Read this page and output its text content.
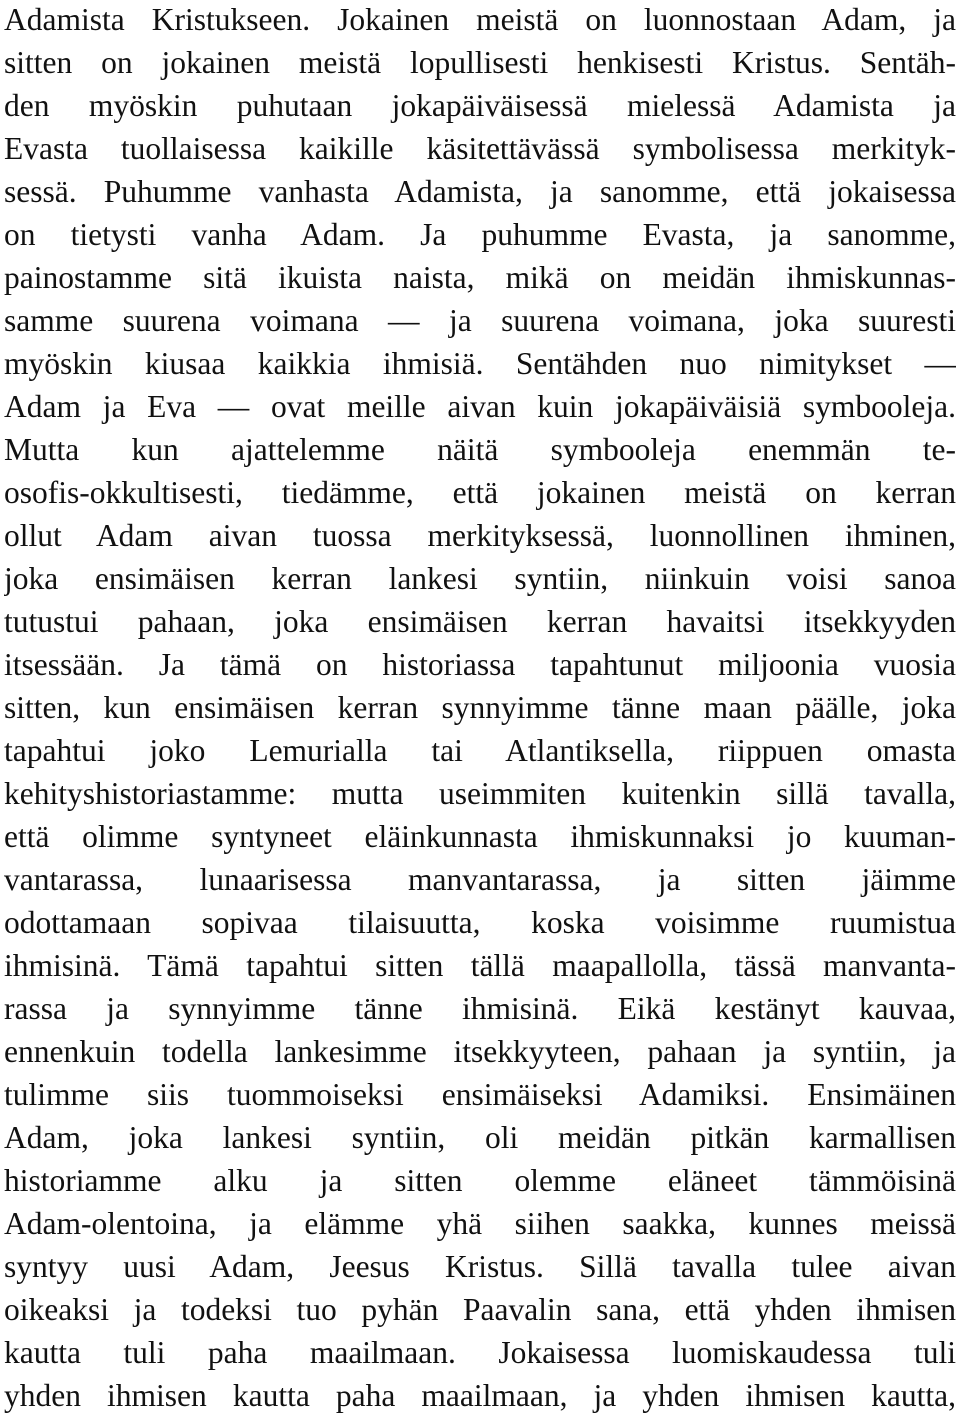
Adamista Kristukseen. Jokainen meistä on luonnostaan Adam, ja
sitten on jokainen meistä lopullisesti henkisesti Kristus. Sentäh-
den myöskin puhutaan jokapäiväisessä mielessä Adamista ja
Evasta tuollaisessa kaikille käsitettävässä symbolisessa merkityk-
sessä. Puhumme vanhasta Adamista, ja sanomme, että jokaisessa
on tietysti vanha Adam. Ja puhumme Evasta, ja sanomme,
painostamme sitä ikuista naista, mikä on meidän ihmiskunnas-
samme suurena voimana — ja suurena voimana, joka suuresti
myöskin kiusaa kaikkia ihmisiä. Sentähden nuo nimitykset —
Adam ja Eva — ovat meille aivan kuin jokapäiväisiä symbooleja.
Mutta kun ajattelemme näitä symbooleja enemmän te-
osofis-okkultisesti, tiedämme, että jokainen meistä on kerran
ollut Adam aivan tuossa merkityksessä, luonnollinen ihminen,
joka ensimäisen kerran lankesi syntiin, niinkuin voisi sanoa
tutustui pahaan, joka ensimäisen kerran havaitsi itsekkyyden
itsessään. Ja tämä on historiassa tapahtunut miljoonia vuosia
sitten, kun ensimäisen kerran synnyimme tänne maan päälle, joka
tapahtui joko Lemurialla tai Atlantiksella, riippuen omasta
kehityshistoriastamme: mutta useimmiten kuitenkin sillä tavalla,
että olimme syntyneet eläinkunnasta ihmiskunnaksi jo kuuman-
vantarassa, lunaarisessa manvantarassa, ja sitten jäimme
odottamaan sopivaa tilaisuutta, koska voisimme ruumistua
ihmisinä. Tämä tapahtui sitten tällä maapallolla, tässä manvanta-
rassa ja synnyimme tänne ihmisinä. Eikä kestänyt kauvaa,
ennenkuin todella lankesimme itsekkyyteen, pahaan ja syntiin, ja
tulimme siis tuommoiseksi ensimäiseksi Adamiksi. Ensimäinen
Adam, joka lankesi syntiin, oli meidän pitkän karmallisen
historiamme alku ja sitten olemme eläneet tämmöisinä
Adam-olentoina, ja elämme yhä siihen saakka, kunnes meissä
syntyy uusi Adam, Jeesus Kristus. Sillä tavalla tulee aivan
oikeaksi ja todeksi tuo pyhän Paavalin sana, että yhden ihmisen
kautta tuli paha maailmaan. Jokaisessa luomiskaudessa tuli
yhden ihmisen kautta paha maailmaan, ja yhden ihmisen kautta,
